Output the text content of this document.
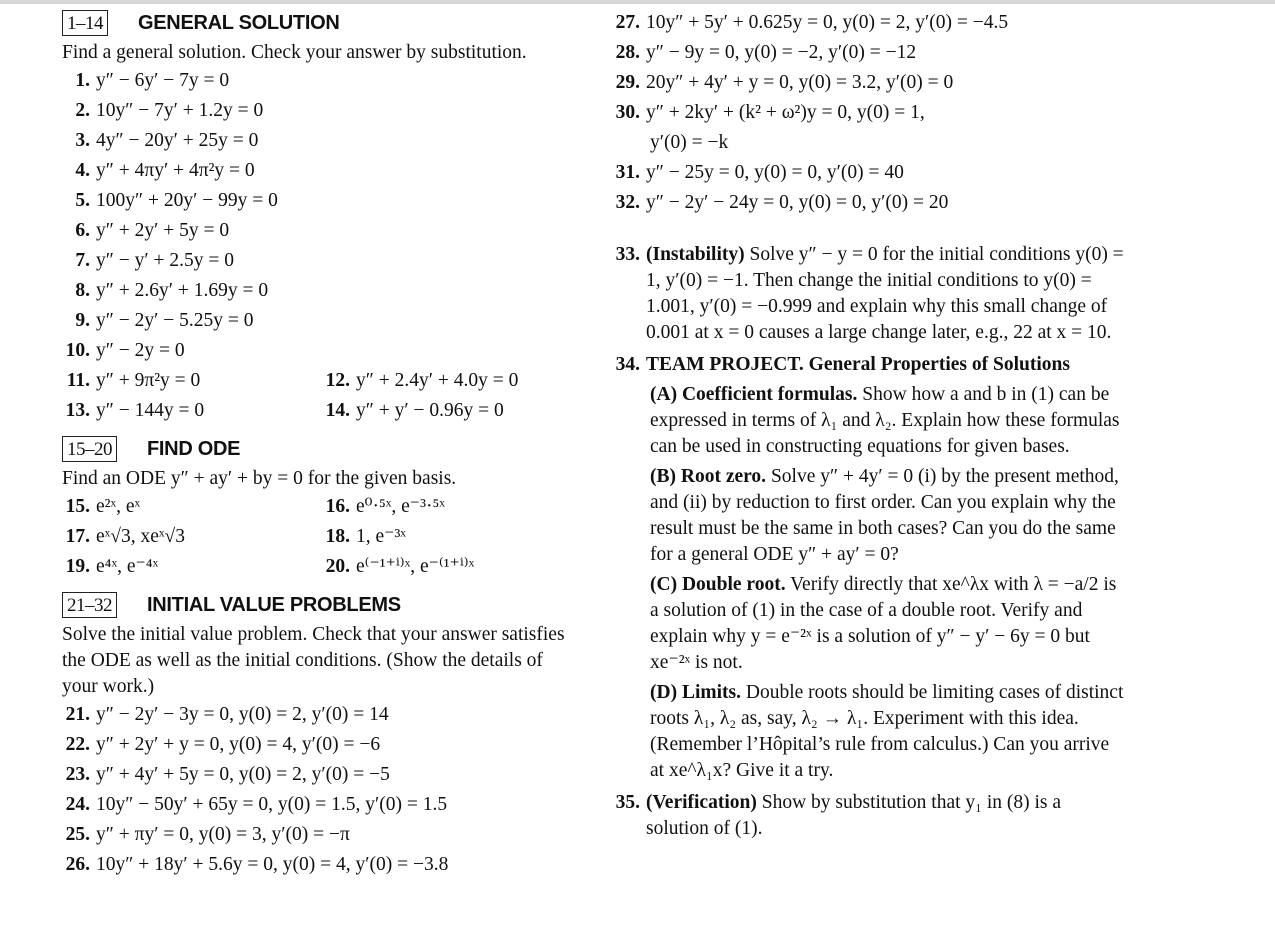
1–14 GENERAL SOLUTION

Find a general solution. Check your answer by substitution.

1. y″ − 6y′ − 7y = 0
2. 10y″ − 7y′ + 1.2y = 0
3. 4y″ − 20y′ + 25y = 0
4. y″ + 4πy′ + 4π²y = 0
5. 100y″ + 20y′ − 99y = 0
6. y″ + 2y′ + 5y = 0
7. y″ − y′ + 2.5y = 0
8. y″ + 2.6y′ + 1.69y = 0
9. y″ − 2y′ − 5.25y = 0
10. y″ − 2y = 0
11. y″ + 9π²y = 0	12. y″ + 2.4y′ + 4.0y = 0
13. y″ − 144y = 0	14. y″ + y′ − 0.96y = 0
15–20 FIND ODE

Find an ODE y″ + ay′ + by = 0 for the given basis.

15. e²ˣ, eˣ	16. e⁰·⁵ˣ, e⁻³·⁵ˣ
17. eˣ√3, xeˣ√3	18. 1, e⁻³ˣ
19. e⁴ˣ, e⁻⁴ˣ	20. e⁽⁻¹⁺ⁱ⁾ˣ, e⁻⁽¹⁺ⁱ⁾ˣ
21–32 INITIAL VALUE PROBLEMS

Solve the initial value problem. Check that your answer satisfies the ODE as well as the initial conditions. (Show the details of your work.)

21. y″ − 2y′ − 3y = 0, y(0) = 2, y′(0) = 14
22. y″ + 2y′ + y = 0, y(0) = 4, y′(0) = −6
23. y″ + 4y′ + 5y = 0, y(0) = 2, y′(0) = −5
24. 10y″ − 50y′ + 65y = 0, y(0) = 1.5, y′(0) = 1.5
25. y″ + πy′ = 0, y(0) = 3, y′(0) = −π
26. 10y″ + 18y′ + 5.6y = 0, y(0) = 4, y′(0) = −3.8
27. 10y″ + 5y′ + 0.625y = 0, y(0) = 2, y′(0) = −4.5
28. y″ − 9y = 0, y(0) = −2, y′(0) = −12
29. 20y″ + 4y′ + y = 0, y(0) = 3.2, y′(0) = 0
30. y″ + 2ky′ + (k² + ω²)y = 0, y(0) = 1,
y′(0) = −k
31. y″ − 25y = 0, y(0) = 0, y′(0) = 40
32. y″ − 2y′ − 24y = 0, y(0) = 0, y′(0) = 20
33. (Instability) Solve y″ − y = 0 for the initial conditions y(0) = 1, y′(0) = −1. Then change the initial conditions to y(0) = 1.001, y′(0) = −0.999 and explain why this small change of 0.001 at x = 0 causes a large change later, e.g., 22 at x = 10.
34. TEAM PROJECT. General Properties of Solutions

(A) Coefficient formulas. Show how a and b in (1) can be expressed in terms of λ₁ and λ₂. Explain how these formulas can be used in constructing equations for given bases.

(B) Root zero. Solve y″ + 4y′ = 0 (i) by the present method, and (ii) by reduction to first order. Can you explain why the result must be the same in both cases? Can you do the same for a general ODE y″ + ay′ = 0?

(C) Double root. Verify directly that xe^λx with λ = −a/2 is a solution of (1) in the case of a double root. Verify and explain why y = e⁻²ˣ is a solution of y″ − y′ − 6y = 0 but xe⁻²ˣ is not.

(D) Limits. Double roots should be limiting cases of distinct roots λ₁, λ₂ as, say, λ₂ → λ₁. Experiment with this idea. (Remember l’Hôpital’s rule from calculus.) Can you arrive at xe^λ₁x? Give it a try.

35. (Verification) Show by substitution that y₁ in (8) is a solution of (1).
